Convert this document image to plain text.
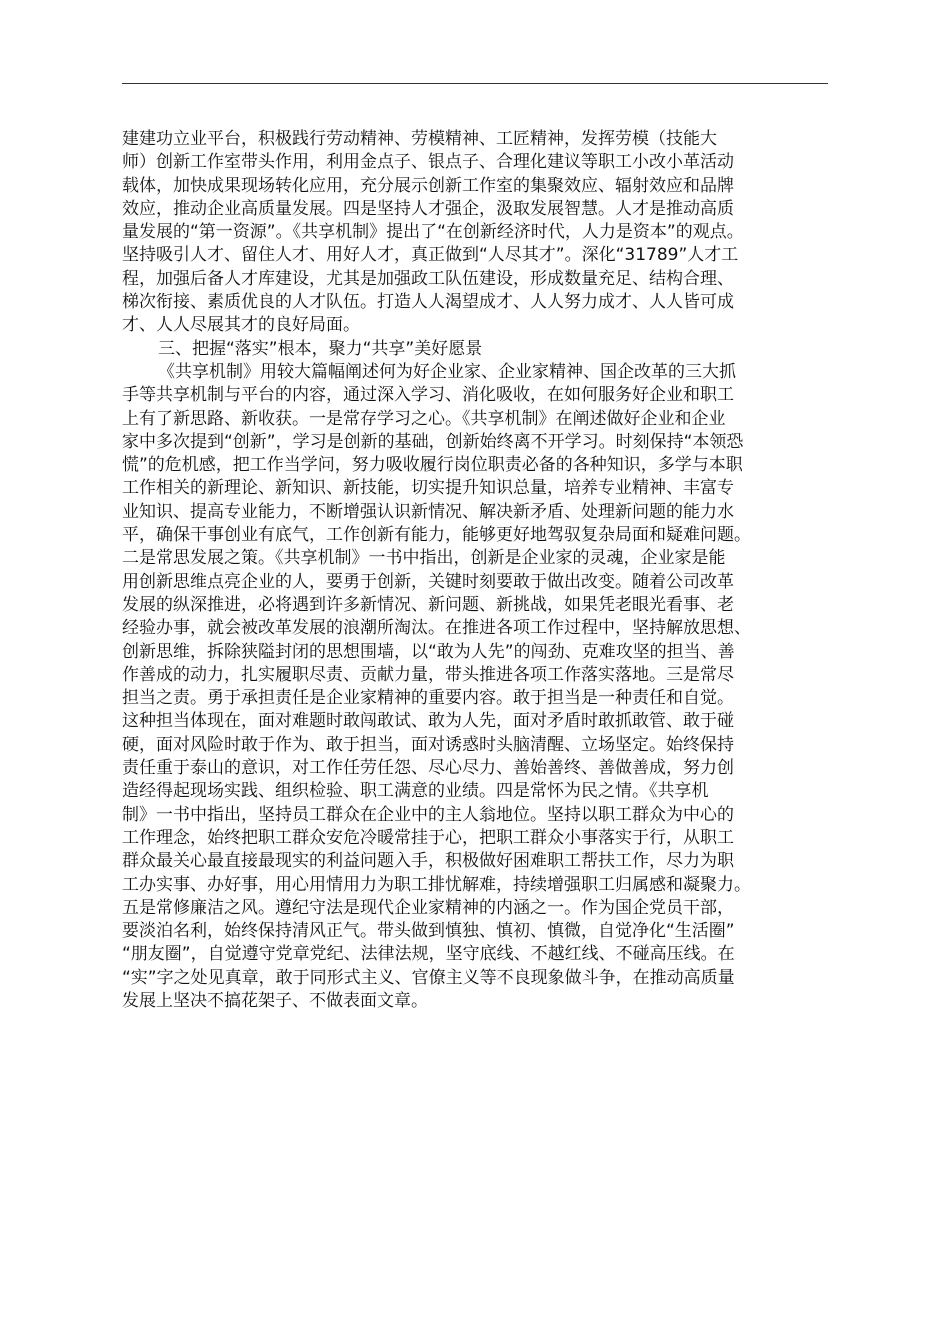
建建功立业平台，积极践行劳动精神、劳模精神、工匠精神，发挥劳模（技能大
师）创新工作室带头作用，利用金点子、银点子、合理化建议等职工小改小革活动
载体，加快成果现场转化应用，充分展示创新工作室的集聚效应、辐射效应和品牌
效应，推动企业高质量发展。四是坚持人才强企，汲取发展智慧。人才是推动高质
量发展的“第一资源”。《共享机制》提出了“在创新经济时代，人力是资本”的观点。
坚持吸引人才、留住人才、用好人才，真正做到“人尽其才”。深化“31789”人才工
程，加强后备人才库建设，尤其是加强政工队伍建设，形成数量充足、结构合理、
梯次衔接、素质优良的人才队伍。打造人人渴望成才、人人努力成才、人人皆可成
才、人人尽展其才的良好局面。
三、把握“落实”根本，聚力“共享”美好愿景
《共享机制》用较大篇幅阐述何为好企业家、企业家精神、国企改革的三大抓
手等共享机制与平台的内容，通过深入学习、消化吸收，在如何服务好企业和职工
上有了新思路、新收获。一是常存学习之心。《共享机制》在阐述做好企业和企业
家中多次提到“创新”，学习是创新的基础，创新始终离不开学习。时刻保持“本领恐
慌”的危机感，把工作当学问，努力吸收履行岗位职责必备的各种知识，多学与本职
工作相关的新理论、新知识、新技能，切实提升知识总量，培养专业精神、丰富专
业知识、提高专业能力，不断增强认识新情况、解决新矛盾、处理新问题的能力水
平，确保干事创业有底气，工作创新有能力，能够更好地驾驭复杂局面和疑难问题。
二是常思发展之策。《共享机制》一书中指出，创新是企业家的灵魂，企业家是能
用创新思维点亮企业的人，要勇于创新，关键时刻要敢于做出改变。随着公司改革
发展的纵深推进，必将遇到许多新情况、新问题、新挑战，如果凭老眼光看事、老
经验办事，就会被改革发展的浪潮所淘汰。在推进各项工作过程中，坚持解放思想、
创新思维，拆除狭隘封闭的思想围墙，以“敢为人先”的闯劲、克难攻坚的担当、善
作善成的动力，扎实履职尽责、贡献力量，带头推进各项工作落实落地。三是常尽
担当之责。勇于承担责任是企业家精神的重要内容。敢于担当是一种责任和自觉。
这种担当体现在，面对难题时敢闯敢试、敢为人先，面对矛盾时敢抓敢管、敢于碰
硬，面对风险时敢于作为、敢于担当，面对诱惑时头脑清醒、立场坚定。始终保持
责任重于泰山的意识，对工作任劳任怨、尽心尽力、善始善终、善做善成，努力创
造经得起现场实践、组织检验、职工满意的业绩。四是常怀为民之情。《共享机
制》一书中指出，坚持员工群众在企业中的主人翁地位。坚持以职工群众为中心的
工作理念，始终把职工群众安危冷暖常挂于心，把职工群众小事落实于行，从职工
群众最关心最直接最现实的利益问题入手，积极做好困难职工帮扶工作，尽力为职
工办实事、办好事，用心用情用力为职工排忧解难，持续增强职工归属感和凝聚力。
五是常修廉洁之风。遵纪守法是现代企业家精神的内涵之一。作为国企党员干部，
要淡泊名利，始终保持清风正气。带头做到慎独、慎初、慎微，自觉净化“生活圈”
“朋友圈”，自觉遵守党章党纪、法律法规，坚守底线、不越红线、不碰高压线。在
“实”字之处见真章，敢于同形式主义、官僚主义等不良现象做斗争，在推动高质量
发展上坚决不搞花架子、不做表面文章。
